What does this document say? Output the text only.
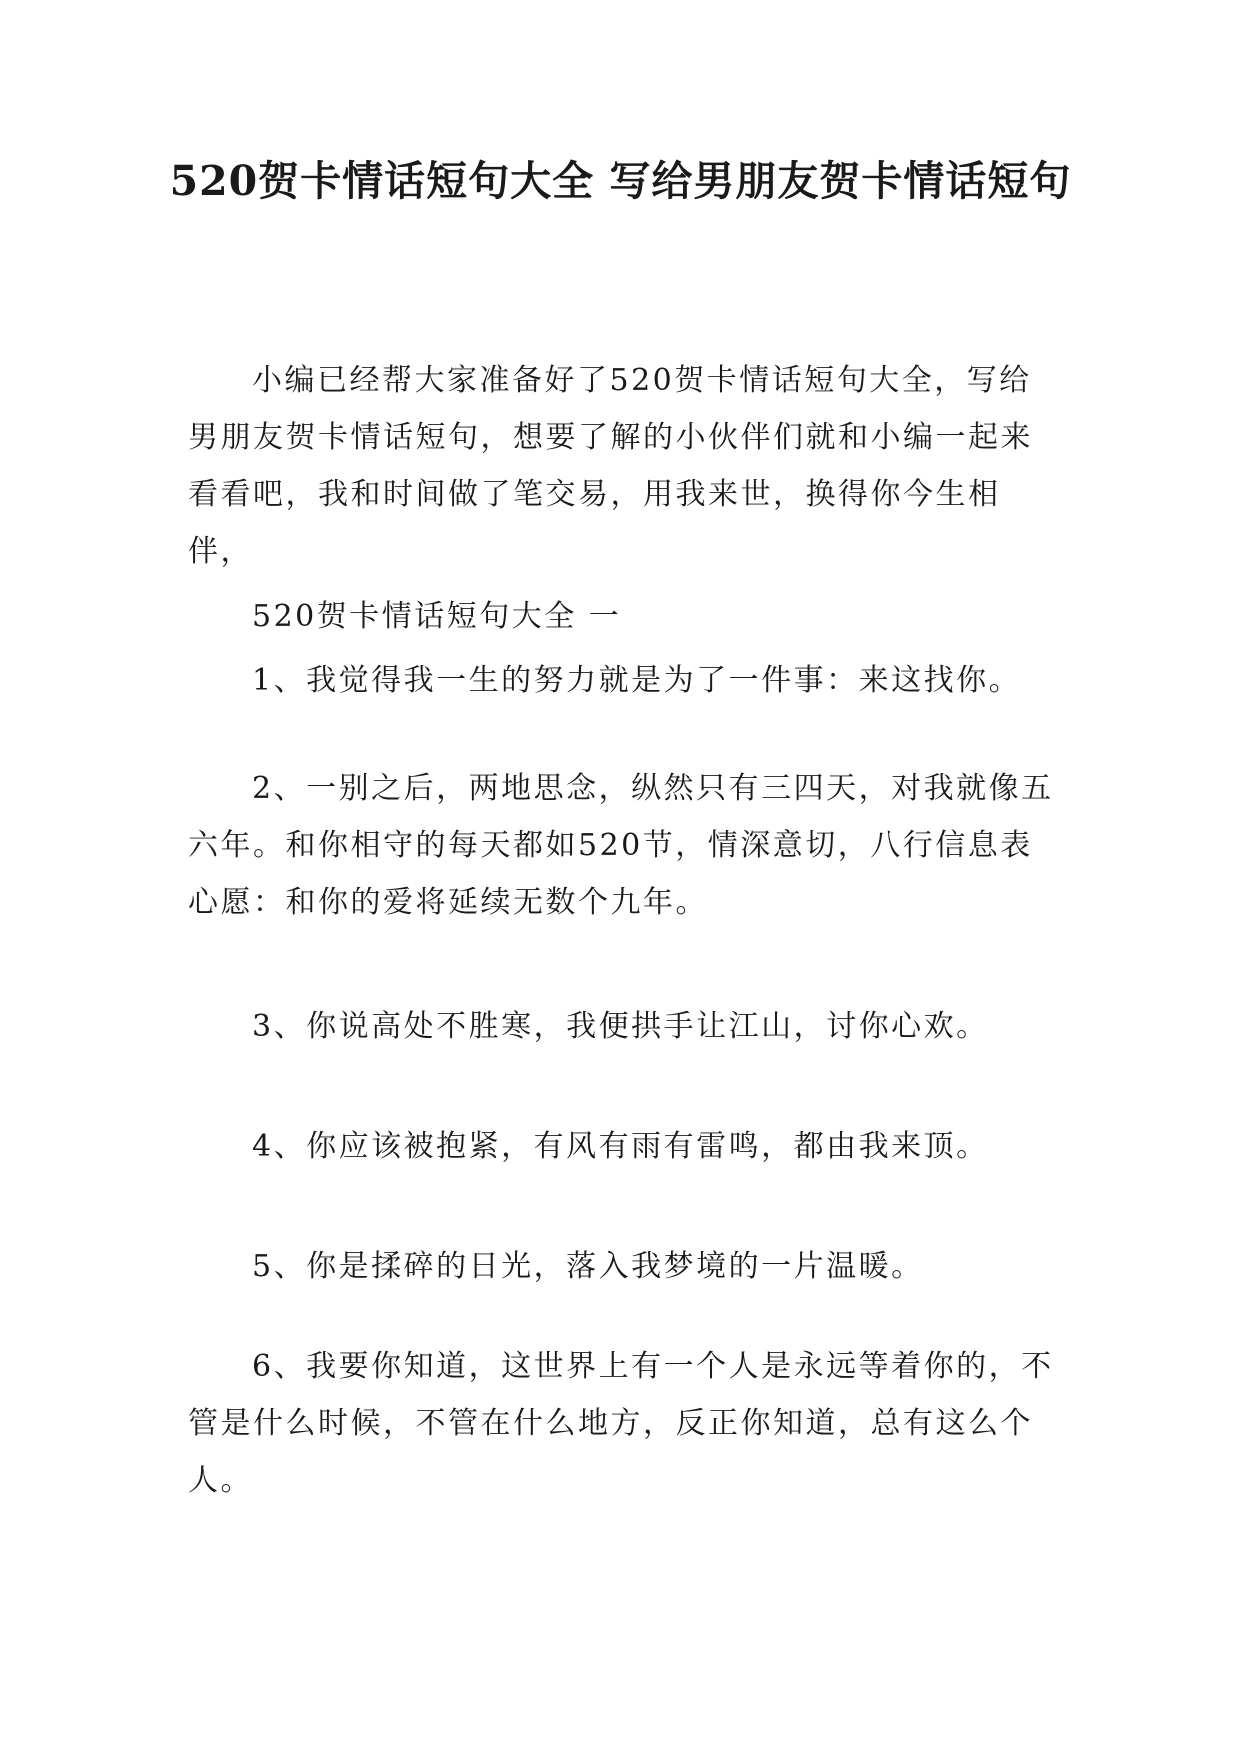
520贺卡情话短句大全 写给男朋友贺卡情话短句

小编已经帮大家准备好了520贺卡情话短句大全，写给男朋友贺卡情话短句，想要了解的小伙伴们就和小编一起来看看吧，我和时间做了笔交易，用我来世，换得你今生相伴，

520贺卡情话短句大全 一

1、我觉得我一生的努力就是为了一件事：来这找你。

2、一别之后，两地思念，纵然只有三四天，对我就像五六年。和你相守的每天都如520节，情深意切，八行信息表心愿：和你的爱将延续无数个九年。

3、你说高处不胜寒，我便拱手让江山，讨你心欢。

4、你应该被抱紧，有风有雨有雷鸣，都由我来顶。

5、你是揉碎的日光，落入我梦境的一片温暖。

6、我要你知道，这世界上有一个人是永远等着你的，不管是什么时候，不管在什么地方，反正你知道，总有这么个人。
